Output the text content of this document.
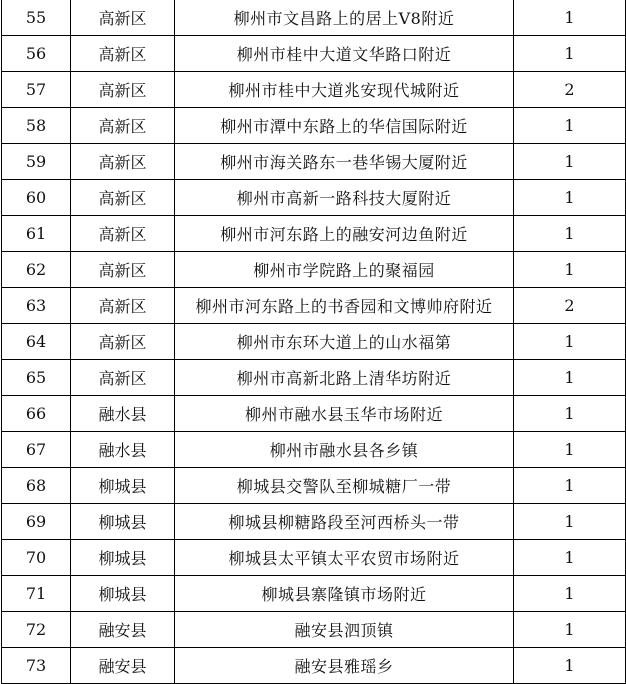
55	高新区	柳州市文昌路上的居上V8附近	1
56	高新区	柳州市桂中大道文华路口附近	1
57	高新区	柳州市桂中大道兆安现代城附近	2
58	高新区	柳州市潭中东路上的华信国际附近	1
59	高新区	柳州市海关路东一巷华锡大厦附近	1
60	高新区	柳州市高新一路科技大厦附近	1
61	高新区	柳州市河东路上的融安河边鱼附近	1
62	高新区	柳州市学院路上的聚福园	1
63	高新区	柳州市河东路上的书香园和文博帅府附近	2
64	高新区	柳州市东环大道上的山水福第	1
65	高新区	柳州市高新北路上清华坊附近	1
66	融水县	柳州市融水县玉华市场附近	1
67	融水县	柳州市融水县各乡镇	1
68	柳城县	柳城县交警队至柳城糖厂一带	1
69	柳城县	柳城县柳糖路段至河西桥头一带	1
70	柳城县	柳城县太平镇太平农贸市场附近	1
71	柳城县	柳城县寨隆镇市场附近	1
72	融安县	融安县泗顶镇	1
73	融安县	融安县雅瑶乡	1
